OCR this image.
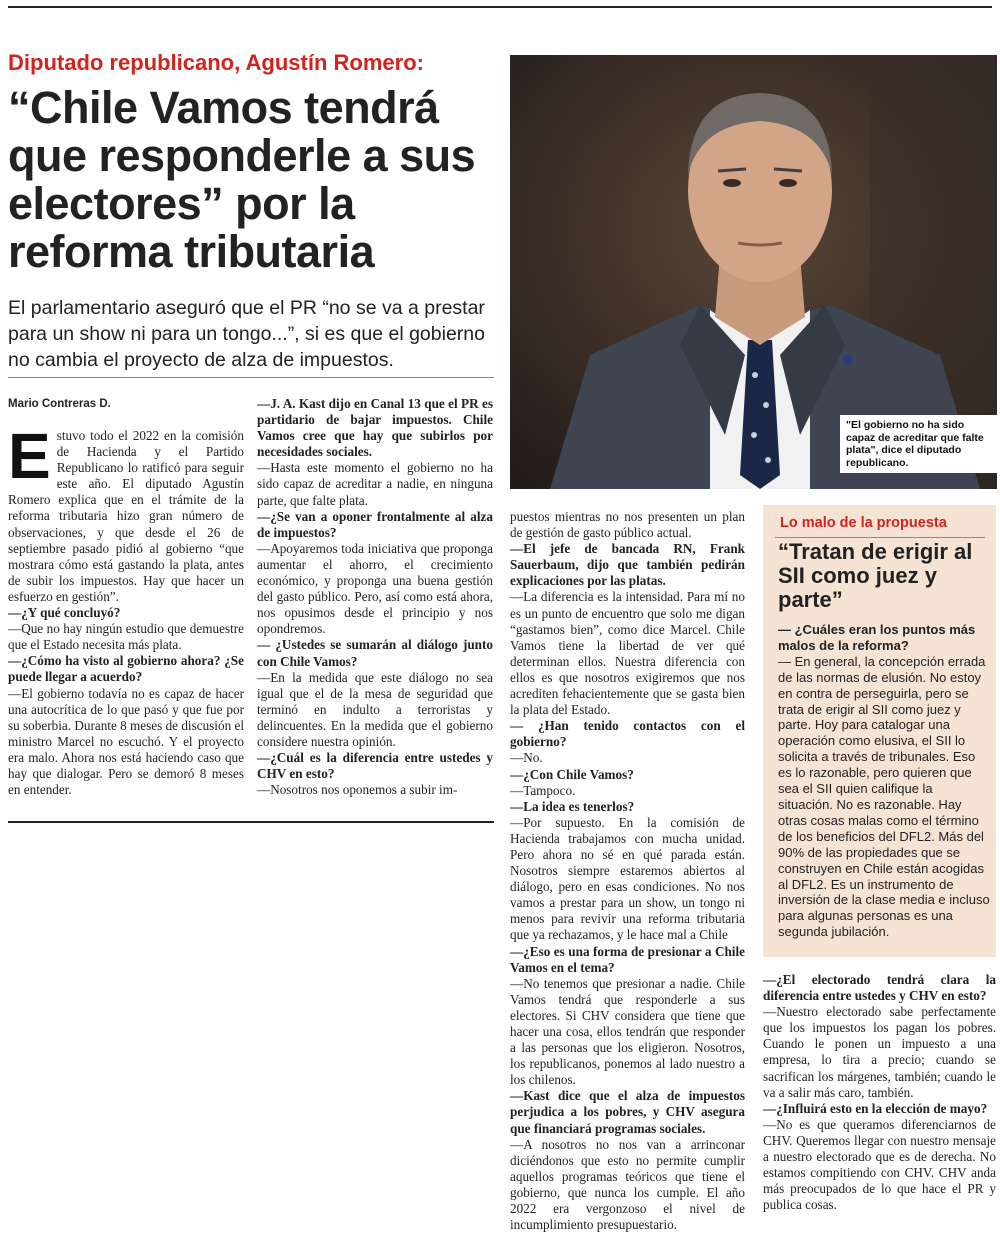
Diputado republicano, Agustín Romero:
“Chile Vamos tendrá que responderle a sus electores” por la reforma tributaria
El parlamentario aseguró que el PR “no se va a prestar para un show ni para un tongo...”, si es que el gobierno no cambia el proyecto de alza de impuestos.
Mario Contreras D.
E stuvo todo el 2022 en la comisión de Hacienda y el Partido Republicano lo ratificó para seguir este año. El diputado Agustín Romero explica que en el trámite de la reforma tributaria hizo gran número de observaciones, y que desde el 26 de septiembre pasado pidió al gobierno “que mostrara cómo está gastando la plata, antes de subir los impuestos. Hay que hacer un esfuerzo en gestión”.

—¿Y qué concluyó?

—Que no hay ningún estudio que demuestre que el Estado necesita más plata.

—¿Cómo ha visto al gobierno ahora? ¿Se puede llegar a acuerdo?

—El gobierno todavía no es capaz de hacer una autocrítica de lo que pasó y que fue por su soberbia. Durante 8 meses de discusión el ministro Marcel no escuchó. Y el proyecto era malo. Ahora nos está haciendo caso que hay que dialogar. Pero se demoró 8 meses en entender.

—J. A. Kast dijo en Canal 13 que el PR es partidario de bajar impuestos. Chile Vamos cree que hay que subirlos por necesidades sociales.

—Hasta este momento el gobierno no ha sido capaz de acreditar a nadie, en ninguna parte, que falte plata.

—¿Se van a oponer frontalmente al alza de impuestos?

—Apoyaremos toda iniciativa que proponga aumentar el ahorro, el crecimiento económico, y proponga una buena gestión del gasto público. Pero, así como está ahora, nos opusimos desde el principio y nos opondremos.

— ¿Ustedes se sumarán al diálogo junto con Chile Vamos?

—En la medida que este diálogo no sea igual que el de la mesa de seguridad que terminó en indulto a terroristas y delincuentes. En la medida que el gobierno considere nuestra opinión.

—¿Cuál es la diferencia entre ustedes y CHV en esto?

—Nosotros nos oponemos a subir im-

"El gobierno no ha sido capaz de acreditar que falte plata", dice el diputado republicano.

puestos mientras no nos presenten un plan de gestión de gasto público actual.

—El jefe de bancada RN, Frank Sauerbaum, dijo que también pedirán explicaciones por las platas.

—La diferencia es la intensidad. Para mí no es un punto de encuentro que solo me digan “gastamos bien”, como dice Marcel. Chile Vamos tiene la libertad de ver qué determinan ellos. Nuestra diferencia con ellos es que nosotros exigiremos que nos acrediten fehacientemente que se gasta bien la plata del Estado.

— ¿Han tenido contactos con el gobierno?

—No.

—¿Con Chile Vamos?

—Tampoco.

—La idea es tenerlos?

—Por supuesto. En la comisión de Hacienda trabajamos con mucha unidad. Pero ahora no sé en qué parada están. Nosotros siempre estaremos abiertos al diálogo, pero en esas condiciones. No nos vamos a prestar para un show, un tongo ni menos para revivir una reforma tributaria que ya rechazamos, y le hace mal a Chile

—¿Eso es una forma de presionar a Chile Vamos en el tema?

—No tenemos que presionar a nadie. Chile Vamos tendrá que responderle a sus electores. Si CHV considera que tiene que hacer una cosa, ellos tendrán que responder a las personas que los eligieron. Nosotros, los republicanos, ponemos al lado nuestro a los chilenos.

—Kast dice que el alza de impuestos perjudica a los pobres, y CHV asegura que financiará programas sociales.

—A nosotros no nos van a arrinconar diciéndonos que esto no permite cumplir aquellos programas teóricos que tiene el gobierno, que nunca los cumple. El año 2022 era vergonzoso el nivel de incumplimiento presupuestario.

Lo malo de la propuesta
“Tratan de erigir al SII como juez y parte”

— ¿Cuáles eran los puntos más malos de la reforma?

— En general, la concepción errada de las normas de elusión. No estoy en contra de perseguirla, pero se trata de erigir al SII como juez y parte. Hoy para catalogar una operación como elusiva, el SII lo solicita a través de tribunales. Eso es lo razonable, pero quieren que sea el SII quien califique la situación. No es razonable. Hay otras cosas malas como el término de los beneficios del DFL2. Más del 90% de las propiedades que se construyen en Chile están acogidas al DFL2. Es un instrumento de inversión de la clase media e incluso para algunas personas es una segunda jubilación.

—¿El electorado tendrá clara la diferencia entre ustedes y CHV en esto?

—Nuestro electorado sabe perfectamente que los impuestos los pagan los pobres. Cuando le ponen un impuesto a una empresa, lo tira a precio; cuando se sacrifican los márgenes, también; cuando le va a salir más caro, también.

—¿Influirá esto en la elección de mayo?

—No es que queramos diferenciarnos de CHV. Queremos llegar con nuestro mensaje a nuestro electorado que es de derecha. No estamos compitiendo con CHV. CHV anda más preocupados de lo que hace el PR y publica cosas.
